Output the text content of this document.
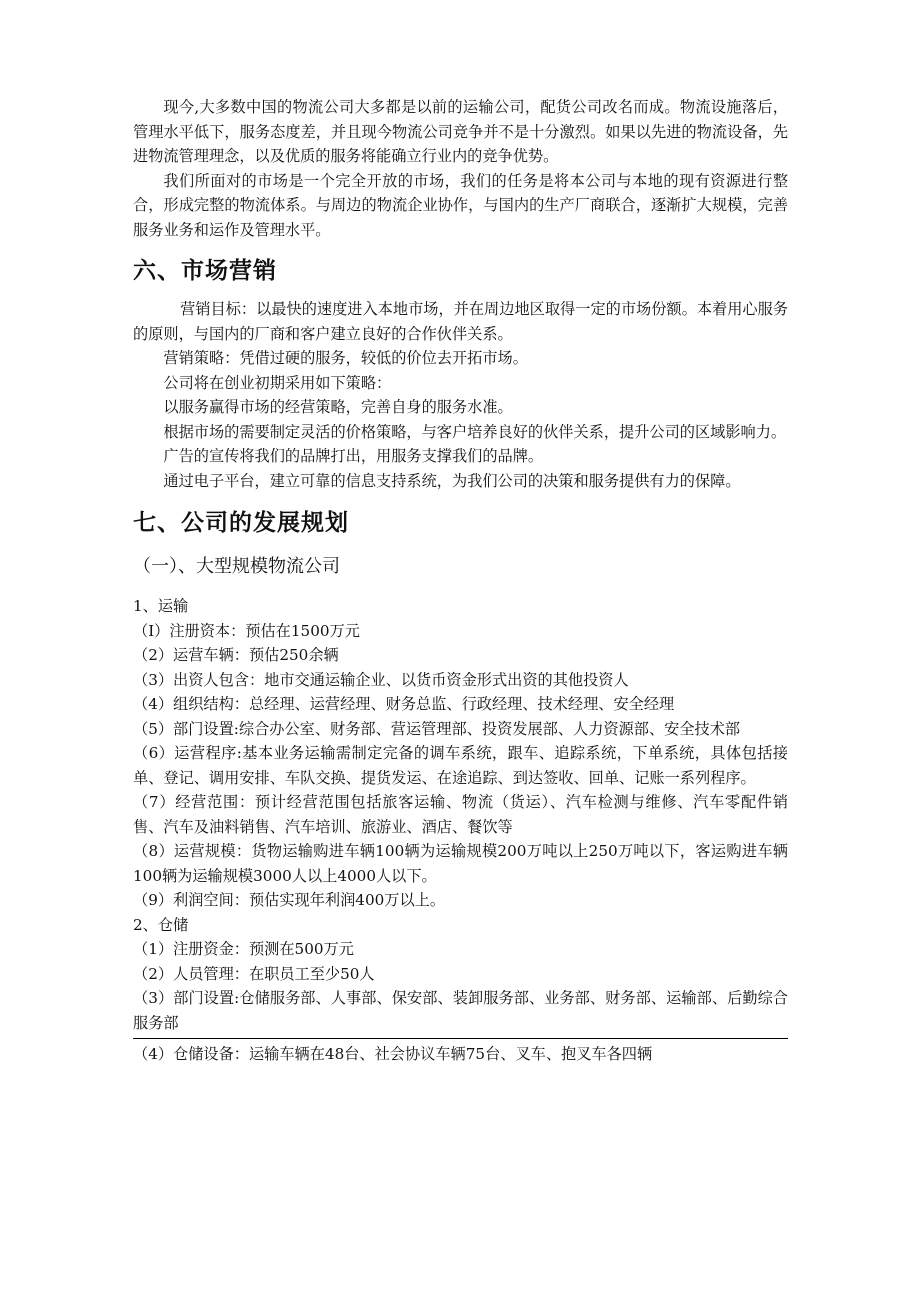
现今,大多数中国的物流公司大多都是以前的运输公司，配货公司改名而成。物流设施落后，管理水平低下，服务态度差，并且现今物流公司竞争并不是十分激烈。如果以先进的物流设备，先进物流管理理念，以及优质的服务将能确立行业内的竞争优势。

我们所面对的市场是一个完全开放的市场，我们的任务是将本公司与本地的现有资源进行整合，形成完整的物流体系。与周边的物流企业协作，与国内的生产厂商联合，逐渐扩大规模，完善服务业务和运作及管理水平。

六、市场营销

营销目标：以最快的速度进入本地市场，并在周边地区取得一定的市场份额。本着用心服务的原则，与国内的厂商和客户建立良好的合作伙伴关系。

营销策略：凭借过硬的服务，较低的价位去开拓市场。

公司将在创业初期采用如下策略：

以服务赢得市场的经营策略，完善自身的服务水准。

根据市场的需要制定灵活的价格策略，与客户培养良好的伙伴关系，提升公司的区域影响力。

广告的宣传将我们的品牌打出，用服务支撑我们的品牌。

通过电子平台，建立可靠的信息支持系统，为我们公司的决策和服务提供有力的保障。

七、公司的发展规划
（一）、大型规模物流公司

1、运输

（I）注册资本：预估在1500万元

（2）运营车辆：预估250余辆

（3）出资人包含：地市交通运输企业、以货币资金形式出资的其他投资人

（4）组织结构：总经理、运营经理、财务总监、行政经理、技术经理、安全经理

（5）部门设置:综合办公室、财务部、营运管理部、投资发展部、人力资源部、安全技术部

（6）运营程序:基本业务运输需制定完备的调车系统，跟车、追踪系统，下单系统，具体包括接单、登记、调用安排、车队交换、提货发运、在途追踪、到达签收、回单、记账一系列程序。

（7）经营范围：预计经营范围包括旅客运输、物流（货运）、汽车检测与维修、汽车零配件销售、汽车及油料销售、汽车培训、旅游业、酒店、餐饮等

（8）运营规模：货物运输购进车辆100辆为运输规模200万吨以上250万吨以下，客运购进车辆100辆为运输规模3000人以上4000人以下。

（9）利润空间：预估实现年利润400万以上。

2、仓储

（1）注册资金：预测在500万元

（2）人员管理：在职员工至少50人

（3）部门设置:仓储服务部、人事部、保安部、装卸服务部、业务部、财务部、运输部、后勤综合服务部

（4）仓储设备：运输车辆在48台、社会协议车辆75台、叉车、抱叉车各四辆
